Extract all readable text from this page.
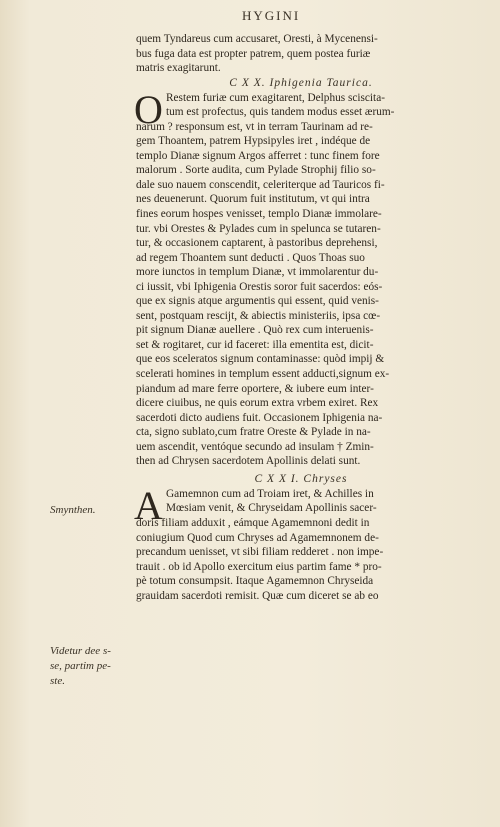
HYGINI
quem Tyndareus cum accusaret, Oresti, à Mycenensi-
bus fuga data est propter patrem, quem postea furiæ
matris exagitarunt.
C X X. Iphigenia Taurica.
O Restem furiæ cum exagitarent, Delphus sciscita-
tum est profectus, quis tandem modus esset ærum-
narum ? responsum est, vt in terram Taurinam ad re-
gem Thoantem, patrem Hypsipyles iret , indéque de
templo Dianæ signum Argos afferret : tunc finem fore
malorum . Sorte audita, cum Pylade Strophij filio so-
dale suo nauem conscendit, celeriterque ad Tauricos fi-
nes deuenerunt. Quorum fuit institutum, vt qui intra
fines eorum hospes venisset, templo Dianæ immolare-
tur. vbi Orestes & Pylades cum in spelunca se tutaren-
tur, & occasionem captarent, à pastoribus deprehensi,
ad regem Thoantem sunt deducti . Quos Thoas suo
more iunctos in templum Dianæ, vt immolarentur du-
ci iussit, vbi Iphigenia Orestis soror fuit sacerdos: eós-
que ex signis atque argumentis qui essent, quid venis-
sent, postquam rescijt, & abiectis ministeriis, ipsa cœ-
pit signum Dianæ auellere . Quò rex cum interuenis-
set & rogitaret, cur id faceret: illa ementita est, dicit-
que eos sceleratos signum contaminasse: quòd impij &
scelerati homines in templum essent adducti,signum ex-
piandum ad mare ferre oportere, & iubere eum inter-
dicere ciuibus, ne quis eorum extra vrbem exiret. Rex
sacerdoti dicto audiens fuit. Occasionem Iphigenia na-
cta, signo sublato,cum fratre Oreste & Pylade in na-
uem ascendit, ventóque secundo ad insulam † Zmin-
then ad Chrysen sacerdotem Apollinis delati sunt.
C X X I. Chryses
A Gamemnon cum ad Troiam iret, & Achilles in
Mœsiam venit, & Chryseidam Apollinis sacer-
doris filiam adduxit , eámque Agamemnoni dedit in
coniugium Quod cum Chryses ad Agamemnonem de-
precandum uenisset, vt sibi filiam redderet . non impe-
trauit . ob id Apollo exercitum eius partim fame * pro-
pè totum consumpsit. Itaque Agamemnon Chryseida
grauidam sacerdoti remisit. Quæ cum diceret se ab eo
Smynthen.
Videtur dee s-
se, partim pe-
ste.
